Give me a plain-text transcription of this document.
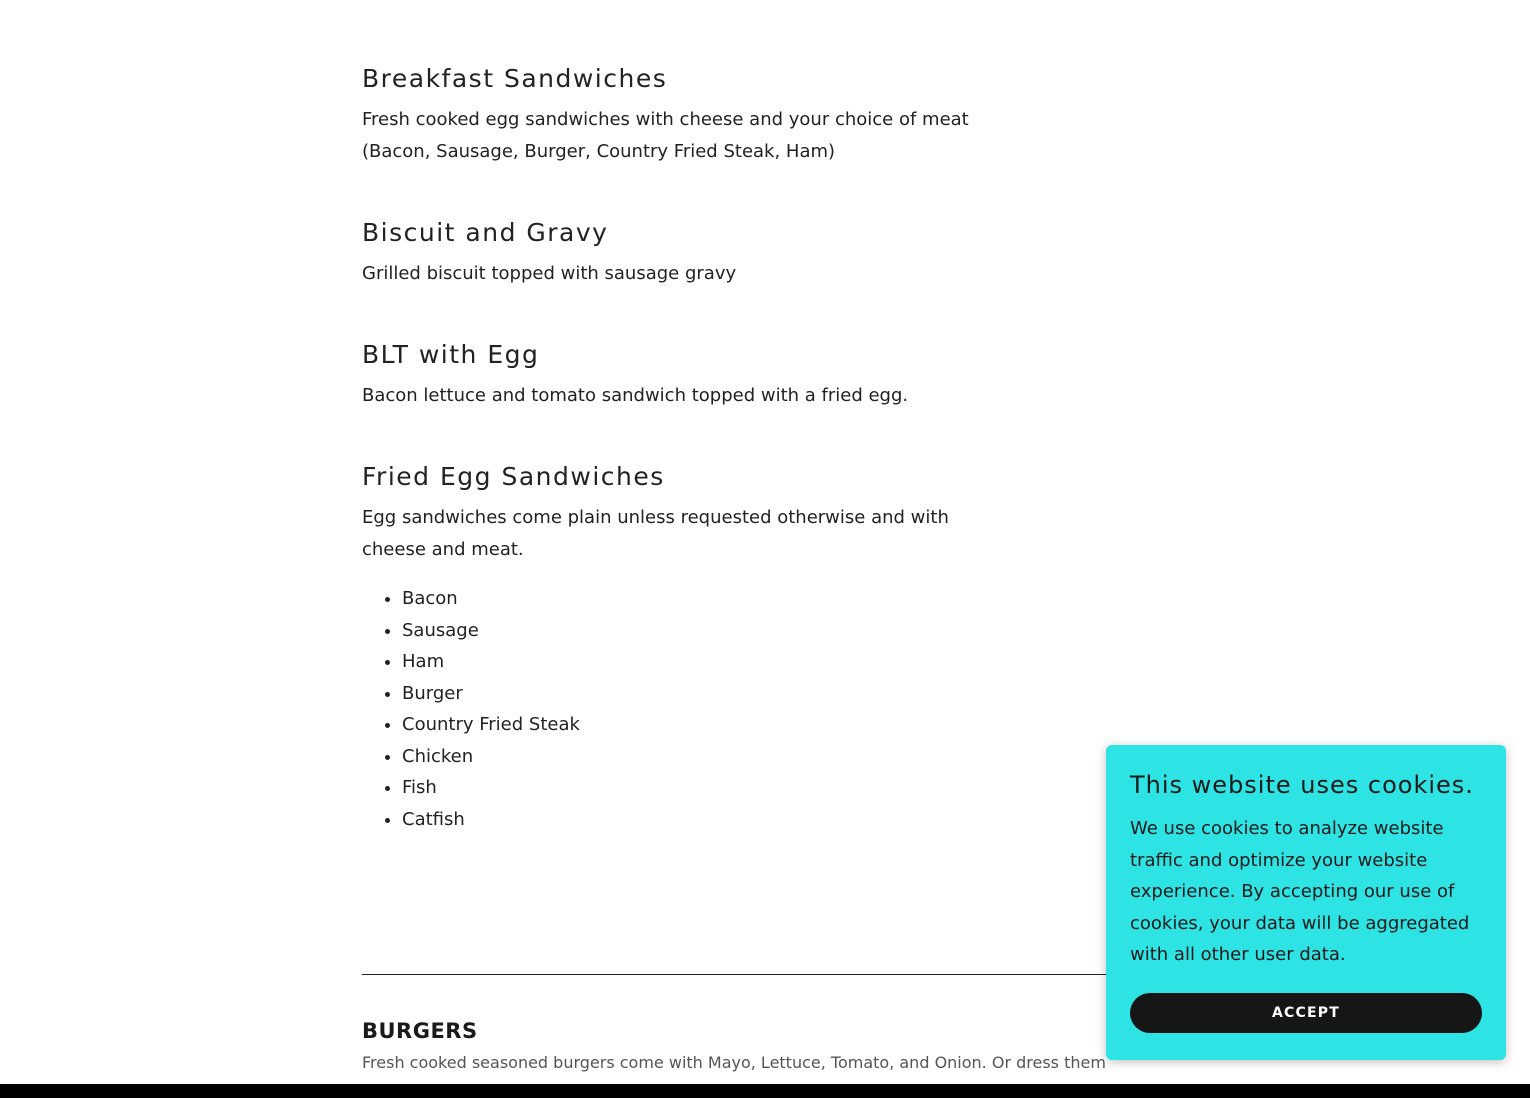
Breakfast Sandwiches

Fresh cooked egg sandwiches with cheese and your choice of meat (Bacon, Sausage, Burger, Country Fried Steak, Ham)

Biscuit and Gravy

Grilled biscuit topped with sausage gravy

BLT with Egg

Bacon lettuce and tomato sandwich topped with a fried egg.

Fried Egg Sandwiches

Egg sandwiches come plain unless requested otherwise and with cheese and meat.

• Bacon
• Sausage
• Ham
• Burger
• Country Fried Steak
• Chicken
• Fish
• Catfish
BURGERS

Fresh cooked seasoned burgers come with Mayo, Lettuce, Tomato, and Onion. Or dress them

This website uses cookies.

We use cookies to analyze website traffic and optimize your website experience. By accepting our use of cookies, your data will be aggregated with all other user data.

ACCEPT
